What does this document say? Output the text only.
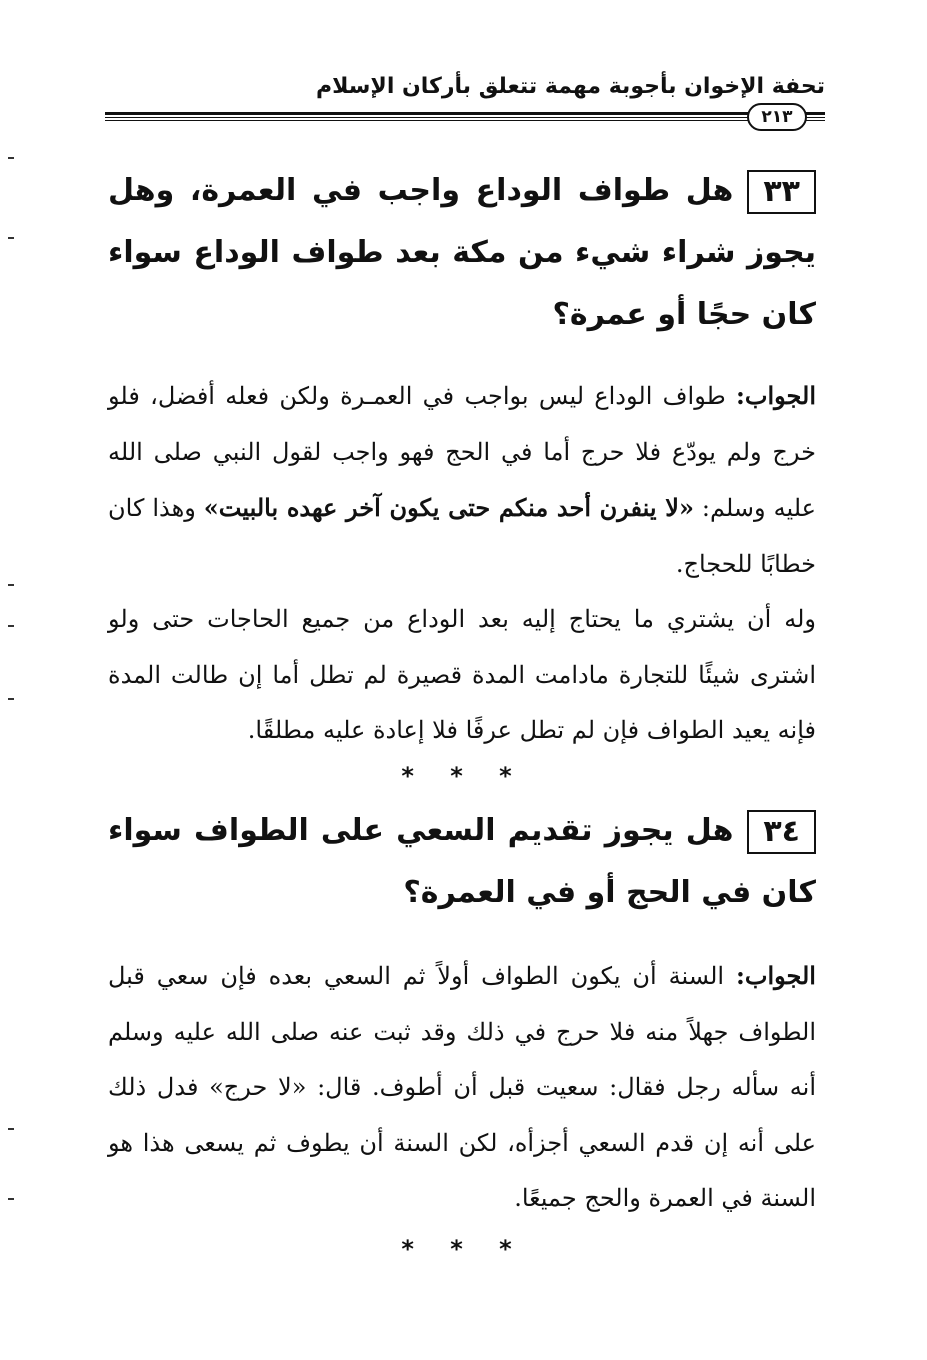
تحفة الإخوان بأجوبة مهمة تتعلق بأركان الإسلام
٢١٣
٣٣هل طواف الوداع واجب في العمرة، وهل يجوز شراء شيء من مكة بعد طواف الوداع سواء كان حجًا أو عمرة؟

الجواب: طواف الوداع ليس بواجب في العمـرة ولكن فعله أفضل، فلو خرج ولم يودّع فلا حرج أما في الحج فهو واجب لقول النبي صلى الله عليه وسلم: «لا ينفرن أحد منكم حتى يكون آخر عهده بالبيت» وهذا كان خطابًا للحجاج.

وله أن يشتري ما يحتاج إليه بعد الوداع من جميع الحاجات حتى ولو اشترى شيئًا للتجارة مادامت المدة قصيرة لم تطل أما إن طالت المدة فإنه يعيد الطواف فإن لم تطل عرفًا فلا إعادة عليه مطلقًا.

* * *
٣٤هل يجوز تقديم السعي على الطواف سواء كان في الحج أو في العمرة؟

الجواب: السنة أن يكون الطواف أولاً ثم السعي بعده فإن سعي قبل الطواف جهلاً منه فلا حرج في ذلك وقد ثبت عنه صلى الله عليه وسلم أنه سأله رجل فقال: سعيت قبل أن أطوف. قال: «لا حرج» فدل ذلك على أنه إن قدم السعي أجزأه، لكن السنة أن يطوف ثم يسعى هذا هو السنة في العمرة والحج جميعًا.

* * *
